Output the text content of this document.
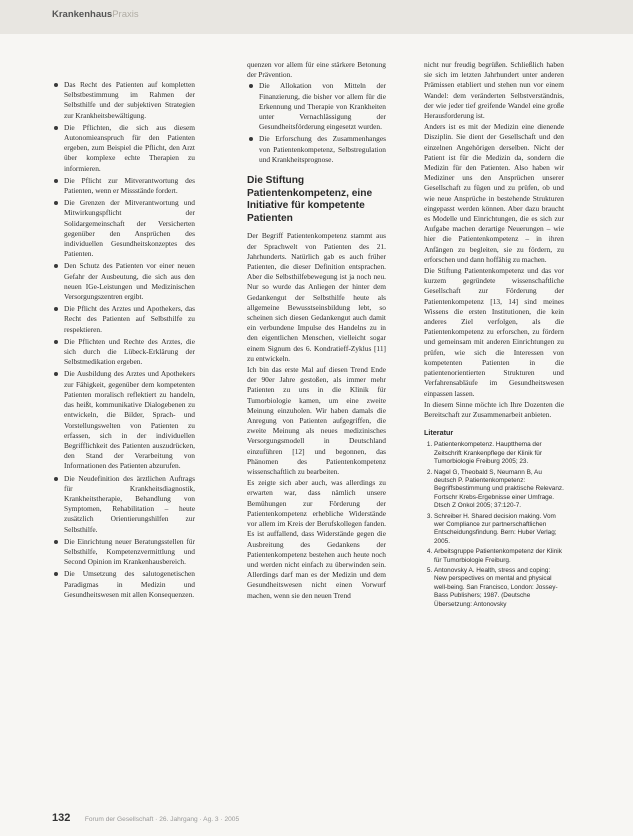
KrankenhausPraxis
Das Recht des Patienten auf kompletten Selbstbestimmung im Rahmen der Selbsthilfe und der subjektiven Strategien zur Krankheitsbewältigung.
Die Pflichten, die sich aus diesem Autonomieanspruch für den Patienten ergeben, zum Beispiel die Pflicht, den Arzt über komplexe echte Therapien zu informieren.
Die Pflicht zur Mitverantwortung des Patienten, wenn er Missstände fordert.
Die Grenzen der Mitverantwortung und Mitwirkungspflicht der Solidargemeinschaft der Versicherten gegenüber den Ansprüchen des individuellen Gesundheitskonzeptes des Patienten.
Den Schutz des Patienten vor einer neuen Gefahr der Ausbeutung, die sich aus den neuen IGe-Leistungen und Medizinischen Versorgungszentren ergibt.
Die Pflicht des Arztes und Apothekers, das Recht des Patienten auf Selbsthilfe zu respektieren.
Die Pflichten und Rechte des Arztes, die sich durch die Lübeck-Erklärung der Selbstmedikation ergeben.
Die Ausbildung des Arztes und Apothekers zur Fähigkeit, gegenüber dem kompetenten Patienten moralisch reflektiert zu handeln, das heißt, kommunikative Dialogebenen zu entwickeln, die Bilder, Sprach- und Vorstellungswelten von Patienten zu erfassen, sich in der individuellen Begrifflichkeit des Patienten auszudrücken, den Stand der Verarbeitung von Informationen des Patienten abzurufen.
Die Neudefinition des ärztlichen Auftrags für Krankheitsdiagnostik, Krankheitstherapie, Behandlung von Symptomen, Rehabilitation – heute zusätzlich Orientierungshilfen zur Selbsthilfe.
Die Einrichtung neuer Beratungsstellen für Selbsthilfe, Kompetenzvermittlung und Second Opinion im Krankenhausbereich.
Die Umsetzung des salutogenetischen Paradigmas in Medizin und Gesundheitswesen mit allen Konsequenzen.

quenzen vor allem für eine stärkere Betonung der Prävention.

Die Allokation von Mitteln der Finanzierung, die bisher vor allem für die Erkennung und Therapie von Krankheiten unter Vernachlässigung der Gesundheitsförderung eingesetzt wurden.
Die Erforschung des Zusammenhanges von Patientenkompetenz, Selbstregulation und Krankheitsprognose.
Die Stiftung Patientenkompetenz, eine Initiative für kompetente Patienten

Der Begriff Patientenkompetenz stammt aus der Sprachwelt von Patienten des 21. Jahrhunderts. Natürlich gab es auch früher Patienten, die dieser Definition entsprachen. Aber die Selbsthilfebewegung ist ja noch neu. Nur so wurde das Anliegen der hinter dem Gedankengut der Selbsthilfe heute als allgemeine Bewusstseinsbildung lebt, so scheinen sich diesen Gedankengut auch damit ein verbundene Impulse des Handelns zu in den eigentlichen Menschen, vielleicht sogar einem Signum des 6. Kondratieff-Zyklus [11] zu entwickeln.

Ich bin das erste Mal auf diesen Trend Ende der 90er Jahre gestoßen, als immer mehr Patienten zu uns in die Klinik für Tumorbiologie kamen, um eine zweite Meinung einzuholen. Wir haben damals die Anregung von Patienten aufgegriffen, die zweite Meinung als neues medizinisches Versorgungsmodell in Deutschland einzuführen [12] und begonnen, das Phänomen des Patientenkompetenz wissenschaftlich zu bearbeiten.

Es zeigte sich aber auch, was allerdings zu erwarten war, dass nämlich unsere Bemühungen zur Förderung der Patientenkompetenz erhebliche Widerstände vor allem im Kreis der Berufskollegen fanden. Es ist auffallend, dass Widerstände gegen die Ausbreitung des Gedankens der Patientenkompetenz bestehen auch heute noch und werden nicht einfach zu überwinden sein. Allerdings darf man es der Medizin und dem Gesundheitswesen nicht einen Vorwurf machen, wenn sie den neuen Trend

nicht nur freudig begrüßen. Schließlich haben sie sich im letzten Jahrhundert unter anderen Prämissen etabliert und stehen nun vor einem Wandel: dem veränderten Selbstverständnis, der wie jeder tief greifende Wandel eine große Herausforderung ist.

Anders ist es mit der Medizin eine dienende Disziplin. Sie dient der Gesellschaft und den einzelnen Angehörigen derselben. Nicht der Patient ist für die Medizin da, sondern die Medizin für den Patienten. Also haben wir Mediziner uns den Ansprüchen unserer Gesellschaft zu fügen und zu prüfen, ob und wie neue Ansprüche in bestehende Strukturen eingepasst werden können. Aber dazu braucht es Modelle und Einrichtungen, die es sich zur Aufgabe machen derartige Neuerungen – wie hier die Patientenkompetenz – in ihren Anfängen zu begleiten, sie zu fördern, zu erforschen und dann hoffähig zu machen.

Die Stiftung Patientenkompetenz und das vor kurzem gegründete wissenschaftliche Gesellschaft zur Förderung der Patientenkompetenz [13, 14] sind meines Wissens die ersten Institutionen, die kein anderes Ziel verfolgen, als die Patientenkompetenz zu erforschen, zu fördern und gemeinsam mit anderen Einrichtungen zu prüfen, wie sich die Interessen von kompetenten Patienten in die patientenorientierten Strukturen und Verfahrensabläufe im Gesundheitswesen einpassen lassen.

In diesem Sinne möchte ich Ihre Dozenten die Bereitschaft zur Zusammenarbeit anbieten.

Literatur
1. Patientenkompetenz. Hauptthema der Zeitschrift Krankenpflege der Klinik für Tumorbiologie Freiburg 2005; 23.
2. Nagel G, Theobald S, Neumann B, Au deutsch P. Patientenkompetenz: Begriffsbestimmung und praktische Relevanz. Fortschr Krebs-Ergebnisse einer Umfrage. Dtsch Z Onkol 2005; 37:120-7.
3. Schreiber H. Shared decision making. Vom wer Compliance zur partnerschaftlichen Entscheidungsfindung. Bern: Huber Verlag; 2005.
4. Arbeitsgruppe Patientenkompetenz der Klinik für Tumorbiologie Freiburg.
5. Antonovsky A. Health, stress and coping: New perspectives on mental and physical well-being. San Francisco, London: Jossey-Bass Publishers; 1987. (Deutsche Übersetzung: Antonovsky
132 Forum der Gesellschaft · 26. Jahrgang · Ag. 3 · 2005
